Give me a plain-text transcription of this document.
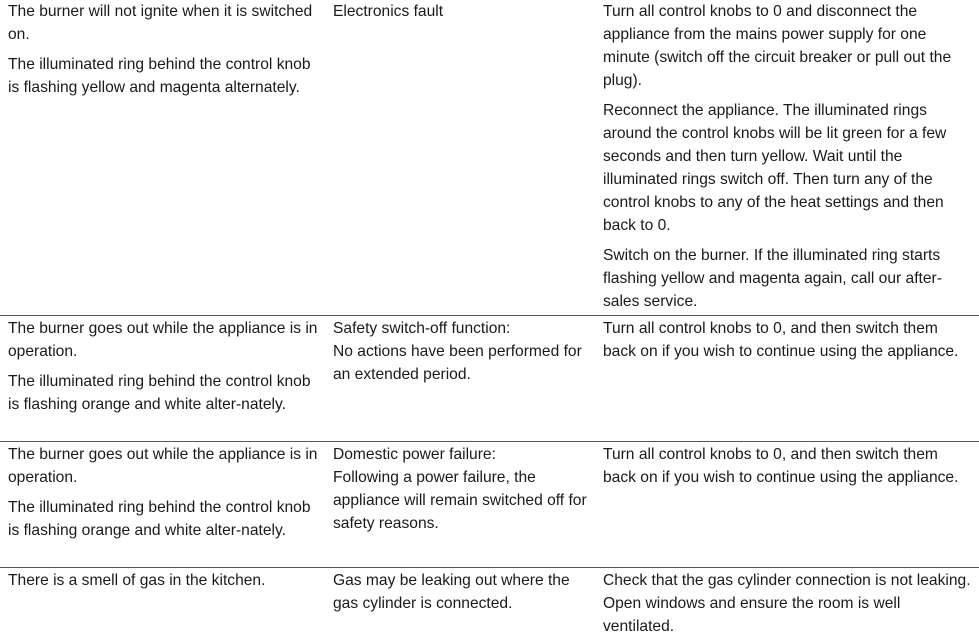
The burner will not ignite when it is switched on.

The illuminated ring behind the control knob is flashing yellow and magenta alternately.

Electronics fault	Turn all control knobs to 0 and disconnect the appliance from the mains power supply for one minute (switch off the circuit breaker or pull out the plug).

Reconnect the appliance. The illuminated rings around the control knobs will be lit green for a few seconds and then turn yellow. Wait until the illuminated rings switch off. Then turn any of the control knobs to any of the heat settings and then back to 0.

Switch on the burner. If the illuminated ring starts flashing yellow and magenta again, call our after-sales service.

The burner goes out while the appliance is in operation.

The illuminated ring behind the control knob is flashing orange and white alter-nately.

Safety switch-off function:
No actions have been performed for an extended period.

Turn all control knobs to 0, and then switch them back on if you wish to continue using the appliance.

The burner goes out while the appliance is in operation.

The illuminated ring behind the control knob is flashing orange and white alter-nately.

Domestic power failure:
Following a power failure, the appliance will remain switched off for safety reasons.

Turn all control knobs to 0, and then switch them back on if you wish to continue using the appliance.

There is a smell of gas in the kitchen.	Gas may be leaking out where the gas cylinder is connected.

Check that the gas cylinder connection is not leaking. Open windows and ensure the room is well ventilated.
